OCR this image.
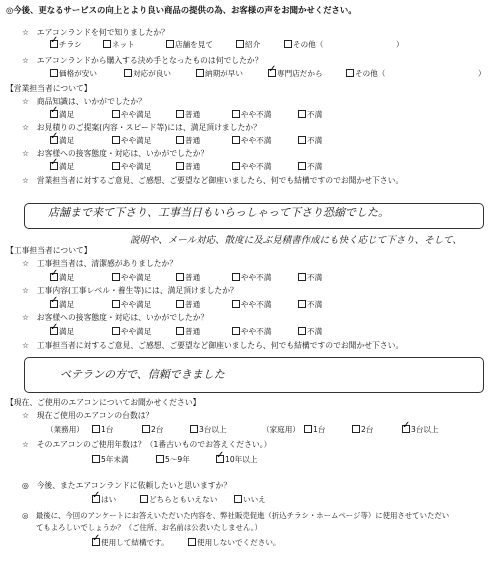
◎今後、更なるサービスの向上とより良い商品の提供の為、お客様の声をお聞かせください。
☆　エアコンランドを何で知りましたか？
✓チラシ	ネット	店舗を見て	紹介	その他（	）
☆　エアコンランドから購入する決め手となったものは何でしたか？
価格が安い	対応が良い	納期が早い ✓	専門店だから	その他（	）
【営業担当者について】
☆　商品知識は、いかがでしたか？
✓満足	やや満足	普通	やや不満	不満
☆　お見積りのご提案(内容・スピード等)には、満足頂けましたか？
✓満足	やや満足	普通	やや不満	不満
☆　お客様への接客態度・対応は、いかがでしたか？
✓満足	やや満足	普通	やや不満	不満
☆　営業担当者に対するご意見、ご感想、ご要望など御座いましたら、何でも結構ですのでお聞かせ下さい。
店舗まで来て下さり、工事当日もいらっしゃって下さり恐縮でした。
説明や、メール対応、散度に及ぶ見積書作成にも快く応じて下さり、そして、
【工事担当者について】
☆　工事担当者は、清潔感がありましたか？
✓満足	やや満足	普通	やや不満	不満
☆　工事内容(工事レベル・養生等)には、満足頂けましたか？
✓満足	やや満足	普通	やや不満	不満
☆　お客様への接客態度・対応は、いかがでしたか？
✓満足	やや満足	普通	やや不満	不満
☆　工事担当者に対するご意見、ご感想、ご要望など御座いましたら、何でも結構ですのでお聞かせ下さい。
ベテランの方で、信頼できました
【現在、ご使用のエアコンについてお聞かせください】
☆　現在ご使用のエアコンの台数は？
（業務用）	1台	2台	3台以上	（家庭用）	1台	2台 ✓	3台以上
☆　そのエアコンのご使用年数は？（1番古いものでお答えください。）
5年未満	5～9年 ✓	10年以上
◎　今後、またエアコンランドに依頼したいと思いますか？
✓はい	どちらともいえない	いいえ
◎　最後に、今回のアンケートにお答えいただいた内容を、弊社販売促進（折込チラシ・ホームページ等）に使用させていただい
てもよろしいでしょうか？（ご住所、お名前は公表いたしません。）
✓使用して結構です。	使用しないでください。
